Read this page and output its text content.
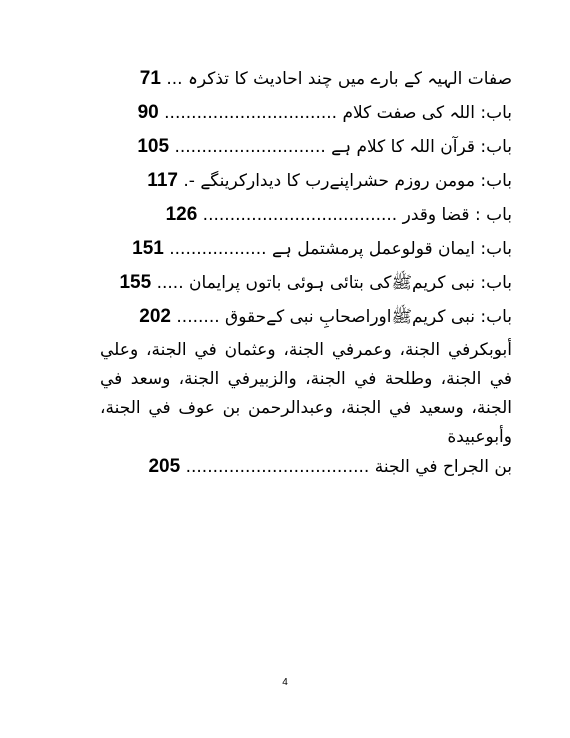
صفات الہیہ کے بارے میں چند احادیث کا تذکرہ ... 71
باب: اللہ کی صفت کلام ................................ 90
باب: قرآن اللہ کا کلام ہے ............................ 105
باب: مومن روزم حشراپنےرب کا دیدارکرینگے -. 117
باب : قضا وقدر .................................... 126
باب: ایمان قولوعمل پرمشتمل ہے .................. 151
باب: نبی کریمﷺکی بتائی ہوئی باتوں پرایمان ..... 155
باب: نبی کریمﷺاوراصحابِ نبی کےحقوق ........ 202
أبوبكرفي الجنة، وعمرفي الجنة، وعثمان في الجنة، وعلي في الجنة، وطلحة في الجنة، والزبيرفي الجنة، وسعد في الجنة، وسعيد في الجنة، وعبدالرحمن بن عوف في الجنة، وأبوعبيدة
بن الجراح في الجنة .................................. 205
4
